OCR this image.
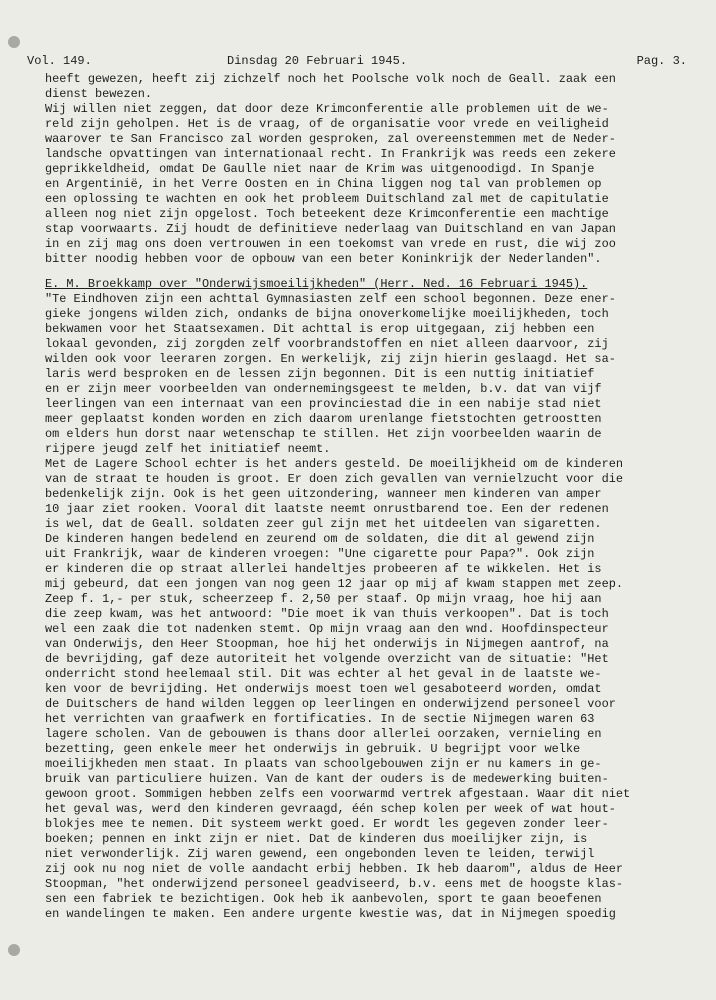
Vol. 149.

	Dinsdag 20 Februari 1945.

	Pag. 3.

heeft gewezen, heeft zij zichzelf noch het Poolsche volk noch de Geall. zaak een
dienst bewezen.
Wij willen niet zeggen, dat door deze Krimconferentie alle problemen uit de we-
reld zijn geholpen. Het is de vraag, of de organisatie voor vrede en veiligheid
waarover te San Francisco zal worden gesproken, zal overeenstemmen met de Neder-
landsche opvattingen van internationaal recht. In Frankrijk was reeds een zekere
geprikkeldheid, omdat De Gaulle niet naar de Krim was uitgenoodigd. In Spanje
en Argentinië, in het Verre Oosten en in China liggen nog tal van problemen op
een oplossing te wachten en ook het probleem Duitschland zal met de capitulatie
alleen nog niet zijn opgelost. Toch beteekent deze Krimconferentie een machtige
stap voorwaarts. Zij houdt de definitieve nederlaag van Duitschland en van Japan
in en zij mag ons doen vertrouwen in een toekomst van vrede en rust, die wij zoo
bitter noodig hebben voor de opbouw van een beter Koninkrijk der Nederlanden".
E. M. Broekkamp over "Onderwijsmoeilijkheden" (Herr. Ned. 16 Februari 1945).
"Te Eindhoven zijn een achttal Gymnasiasten zelf een school begonnen. Deze ener-
gieke jongens wilden zich, ondanks de bijna onoverkomelijke moeilijkheden, toch
bekwamen voor het Staatsexamen. Dit achttal is erop uitgegaan, zij hebben een
lokaal gevonden, zij zorgden zelf voorbrandstoffen en niet alleen daarvoor, zij
wilden ook voor leeraren zorgen. En werkelijk, zij zijn hierin geslaagd. Het sa-
laris werd besproken en de lessen zijn begonnen. Dit is een nuttig initiatief
en er zijn meer voorbeelden van ondernemingsgeest te melden, b.v. dat van vijf
leerlingen van een internaat van een provinciestad die in een nabije stad niet
meer geplaatst konden worden en zich daarom urenlange fietstochten getroostten
om elders hun dorst naar wetenschap te stillen. Het zijn voorbeelden waarin de
rijpere jeugd zelf het initiatief neemt.
Met de Lagere School echter is het anders gesteld. De moeilijkheid om de kinderen
van de straat te houden is groot. Er doen zich gevallen van vernielzucht voor die
bedenkelijk zijn. Ook is het geen uitzondering, wanneer men kinderen van amper
10 jaar ziet rooken. Vooral dit laatste neemt onrustbarend toe. Een der redenen
is wel, dat de Geall. soldaten zeer gul zijn met het uitdeelen van sigaretten.
De kinderen hangen bedelend en zeurend om de soldaten, die dit al gewend zijn
uit Frankrijk, waar de kinderen vroegen: "Une cigarette pour Papa?". Ook zijn
er kinderen die op straat allerlei handeltjes probeeren af te wikkelen. Het is
mij gebeurd, dat een jongen van nog geen 12 jaar op mij af kwam stappen met zeep.
Zeep f. 1,- per stuk, scheerzeep f. 2,50 per staaf. Op mijn vraag, hoe hij aan
die zeep kwam, was het antwoord: "Die moet ik van thuis verkoopen". Dat is toch
wel een zaak die tot nadenken stemt. Op mijn vraag aan den wnd. Hoofdinspecteur
van Onderwijs, den Heer Stoopman, hoe hij het onderwijs in Nijmegen aantrof, na
de bevrijding, gaf deze autoriteit het volgende overzicht van de situatie: "Het
onderricht stond heelemaal stil. Dit was echter al het geval in de laatste we-
ken voor de bevrijding. Het onderwijs moest toen wel gesaboteerd worden, omdat
de Duitschers de hand wilden leggen op leerlingen en onderwijzend personeel voor
het verrichten van graafwerk en fortificaties. In de sectie Nijmegen waren 63
lagere scholen. Van de gebouwen is thans door allerlei oorzaken, vernieling en
bezetting, geen enkele meer het onderwijs in gebruik. U begrijpt voor welke
moeilijkheden men staat. In plaats van schoolgebouwen zijn er nu kamers in ge-
bruik van particuliere huizen. Van de kant der ouders is de medewerking buiten-
gewoon groot. Sommigen hebben zelfs een voorwarmd vertrek afgestaan. Waar dit niet
het geval was, werd den kinderen gevraagd, één schep kolen per week of wat hout-
blokjes mee te nemen. Dit systeem werkt goed. Er wordt les gegeven zonder leer-
boeken; pennen en inkt zijn er niet. Dat de kinderen dus moeilijker zijn, is
niet verwonderlijk. Zij waren gewend, een ongebonden leven te leiden, terwijl
zij ook nu nog niet de volle aandacht erbij hebben. Ik heb daarom", aldus de Heer
Stoopman, "het onderwijzend personeel geadviseerd, b.v. eens met de hoogste klas-
sen een fabriek te bezichtigen. Ook heb ik aanbevolen, sport te gaan beoefenen
en wandelingen te maken. Een andere urgente kwestie was, dat in Nijmegen spoedig
